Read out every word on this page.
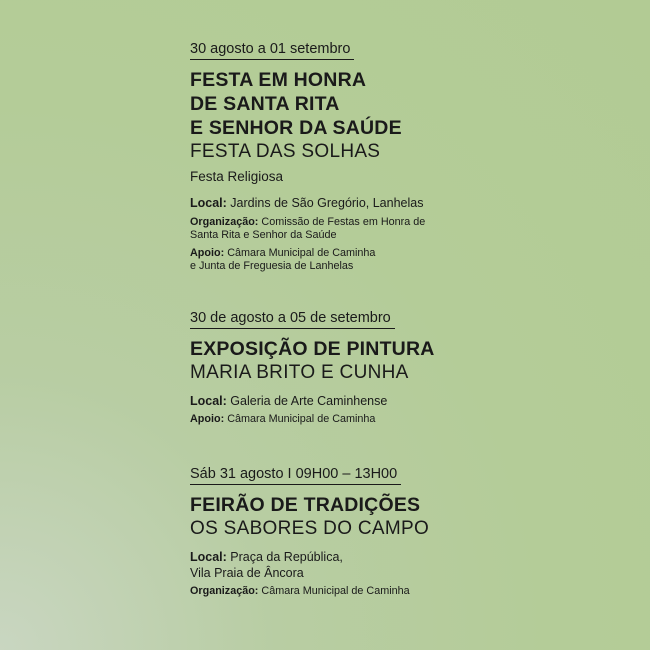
30 agosto a 01 setembro
FESTA EM HONRA
DE SANTA RITA
E SENHOR DA SAÚDE
FESTA DAS SOLHAS
Festa Religiosa
Local: Jardins de São Gregório, Lanhelas
Organização: Comissão de Festas em Honra de
Santa Rita e Senhor da Saúde
Apoio: Câmara Municipal de Caminha
e Junta de Freguesia de Lanhelas
30 de agosto a 05 de setembro
EXPOSIÇÃO DE PINTURA
MARIA BRITO E CUNHA
Local: Galeria de Arte Caminhense
Apoio: Câmara Municipal de Caminha
Sáb 31 agosto I 09H00 – 13H00
FEIRÃO DE TRADIÇÕES
OS SABORES DO CAMPO
Local: Praça da República,
Vila Praia de Âncora
Organização: Câmara Municipal de Caminha
